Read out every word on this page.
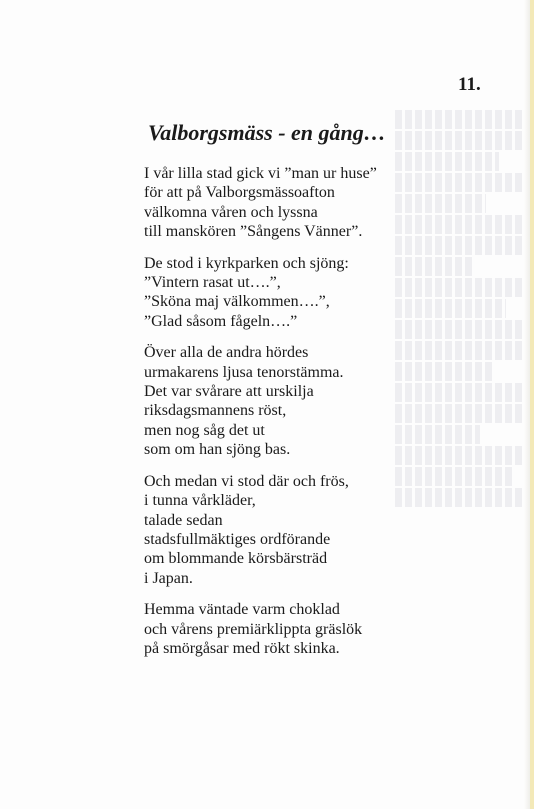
11.

Valborgsmäss - en gång…

I vår lilla stad gick vi ”man ur huse”
för att på Valborgsmässoafton
välkomna våren och lyssna
till manskören ”Sångens Vänner”.

De stod i kyrkparken och sjöng:
”Vintern rasat ut….”,
”Sköna maj välkommen….”,
”Glad såsom fågeln….”

Över alla de andra hördes
urmakarens ljusa tenorstämma.
Det var svårare att urskilja
riksdagsmannens röst,
men nog såg det ut
som om han sjöng bas.

Och medan vi stod där och frös,
i tunna vårkläder,
talade sedan
stadsfullmäktiges ordförande
om blommande körsbärsträd
i Japan.

Hemma väntade varm choklad
och vårens premiärklippta gräslök
på smörgåsar med rökt skinka.
